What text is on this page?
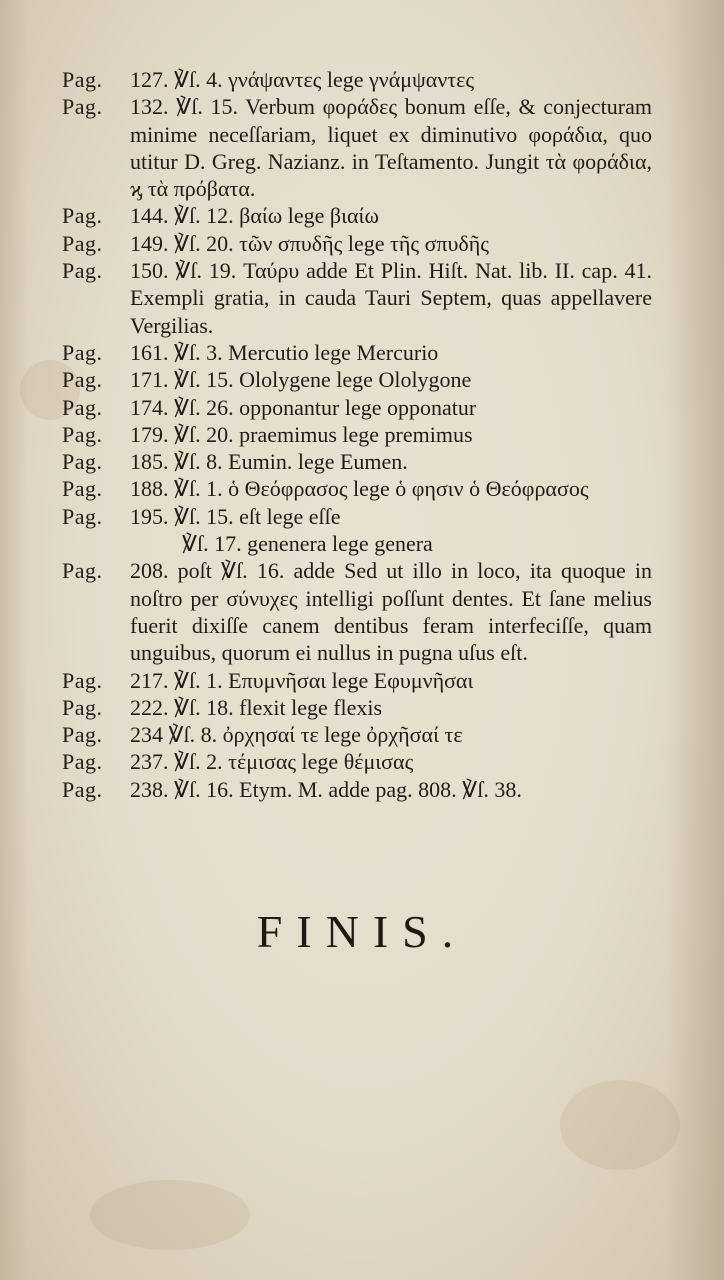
Pag.	127. ℣ſ. 4. γνάψαντες lege γνάμψαντες
Pag.	132. ℣ſ. 15. Verbum φοράδες bonum eſſe, & conjecturam minime neceſſariam, liquet ex diminutivo φοράδια, quo utitur D. Greg. Nazianz. in Teſtamento. Jungit τὰ φοράδια, ϗ τὰ πρόβατα.
Pag.	144. ℣ſ. 12. βαίω lege βιαίω
Pag.	149. ℣ſ. 20. τῶν σπυδῆς lege τῆς σπυδῆς
Pag.	150. ℣ſ. 19. Ταύρυ adde Et Plin. Hiſt. Nat. lib. II. cap. 41. Exempli gratia, in cauda Tauri Septem, quas appellavere Vergilias.
Pag.	161. ℣ſ. 3. Mercutio lege Mercurio
Pag.	171. ℣ſ. 15. Ololygene lege Ololygone
Pag.	174. ℣ſ. 26. opponantur lege opponatur
Pag.	179. ℣ſ. 20. praemimus lege premimus
Pag.	185. ℣ſ. 8. Eumin. lege Eumen.
Pag.	188. ℣ſ. 1. ὁ Θεόφρασος lege ὁ φησιν ὁ Θεόφρασος
Pag.	195. ℣ſ. 15. eſt lege eſſe
℣ſ. 17. genenera lege genera
Pag.	208. poſt ℣ſ. 16. adde Sed ut illo in loco, ita quoque in noſtro per σύνυχες intelligi poſſunt dentes. Et ſane melius fuerit dixiſſe canem dentibus feram interfeciſſe, quam unguibus, quorum ei nullus in pugna uſus eſt.
Pag.	217. ℣ſ. 1. Επυμνῆσαι lege Εφυμνῆσαι
Pag.	222. ℣ſ. 18. flexit lege flexis
Pag.	234 ℣ſ. 8. ὀρχησαί τε lege ὀρχῆσαί τε
Pag.	237. ℣ſ. 2. τέμισας lege θέμισας
Pag.	238. ℣ſ. 16. Etym. M. adde pag. 808. ℣ſ. 38.
FINIS.
